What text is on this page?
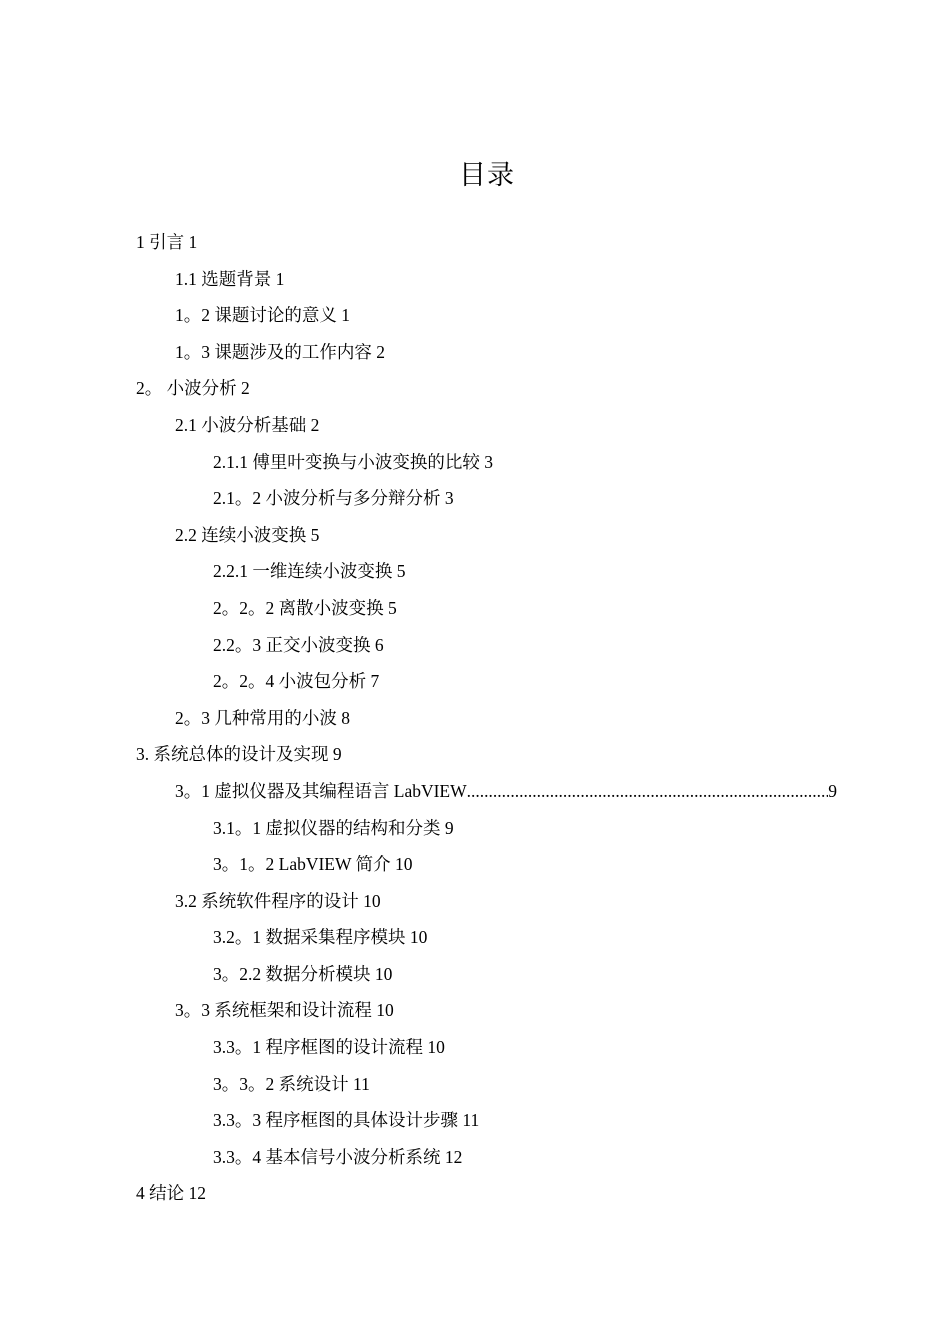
目录
1 引言 1
1.1 选题背景 1
1。2 课题讨论的意义 1
1。3 课题涉及的工作内容 2
2。 小波分析 2
2.1 小波分析基础 2
2.1.1 傅里叶变换与小波变换的比较 3
2.1。2 小波分析与多分辩分析 3
2.2 连续小波变换 5
2.2.1 一维连续小波变换 5
2。2。2 离散小波变换 5
2.2。3 正交小波变换 6
2。2。4 小波包分析 7
2。3 几种常用的小波 8
3. 系统总体的设计及实现 9
3。1 虚拟仪器及其编程语言 LabVIEW
.....	9
3.1。1 虚拟仪器的结构和分类 9
3。1。2 LabVIEW 简介 10
3.2 系统软件程序的设计 10
3.2。1 数据采集程序模块 10
3。2.2 数据分析模块 10
3。3 系统框架和设计流程 10
3.3。1 程序框图的设计流程 10
3。3。2 系统设计 11
3.3。3 程序框图的具体设计步骤 11
3.3。4 基本信号小波分析系统 12
4 结论 12
